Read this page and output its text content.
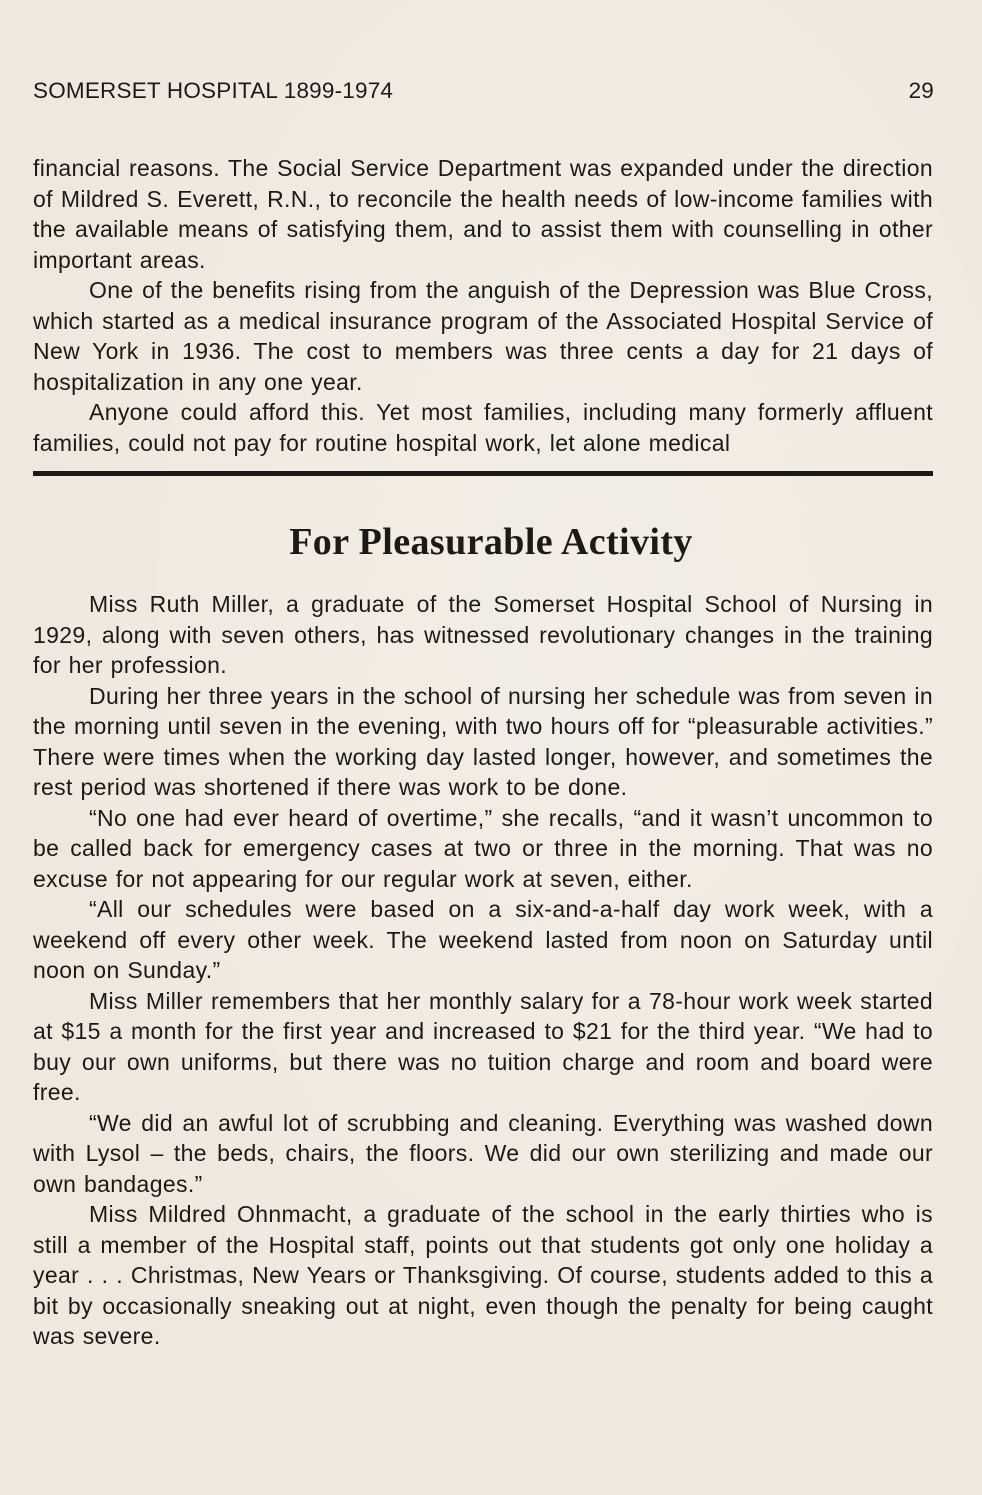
SOMERSET HOSPITAL 1899-1974	29

financial reasons. The Social Service Department was expanded under the direction of Mildred S. Everett, R.N., to reconcile the health needs of low-income families with the available means of satisfying them, and to assist them with counselling in other important areas.

One of the benefits rising from the anguish of the Depression was Blue Cross, which started as a medical insurance program of the Associated Hospital Service of New York in 1936. The cost to members was three cents a day for 21 days of hospitalization in any one year.

Anyone could afford this. Yet most families, including many formerly affluent families, could not pay for routine hospital work, let alone medical

For Pleasurable Activity

Miss Ruth Miller, a graduate of the Somerset Hospital School of Nursing in 1929, along with seven others, has witnessed revolutionary changes in the training for her profession.

During her three years in the school of nursing her schedule was from seven in the morning until seven in the evening, with two hours off for “pleasurable activities.” There were times when the working day lasted longer, however, and sometimes the rest period was shortened if there was work to be done.

“No one had ever heard of overtime,” she recalls, “and it wasn’t uncommon to be called back for emergency cases at two or three in the morning. That was no excuse for not appearing for our regular work at seven, either.

“All our schedules were based on a six-and-a-half day work week, with a weekend off every other week. The weekend lasted from noon on Saturday until noon on Sunday.”

Miss Miller remembers that her monthly salary for a 78-hour work week started at $15 a month for the first year and increased to $21 for the third year. “We had to buy our own uniforms, but there was no tuition charge and room and board were free.

“We did an awful lot of scrubbing and cleaning. Everything was washed down with Lysol – the beds, chairs, the floors. We did our own sterilizing and made our own bandages.”

Miss Mildred Ohnmacht, a graduate of the school in the early thirties who is still a member of the Hospital staff, points out that students got only one holiday a year . . . Christmas, New Years or Thanksgiving. Of course, students added to this a bit by occasionally sneaking out at night, even though the penalty for being caught was severe.
